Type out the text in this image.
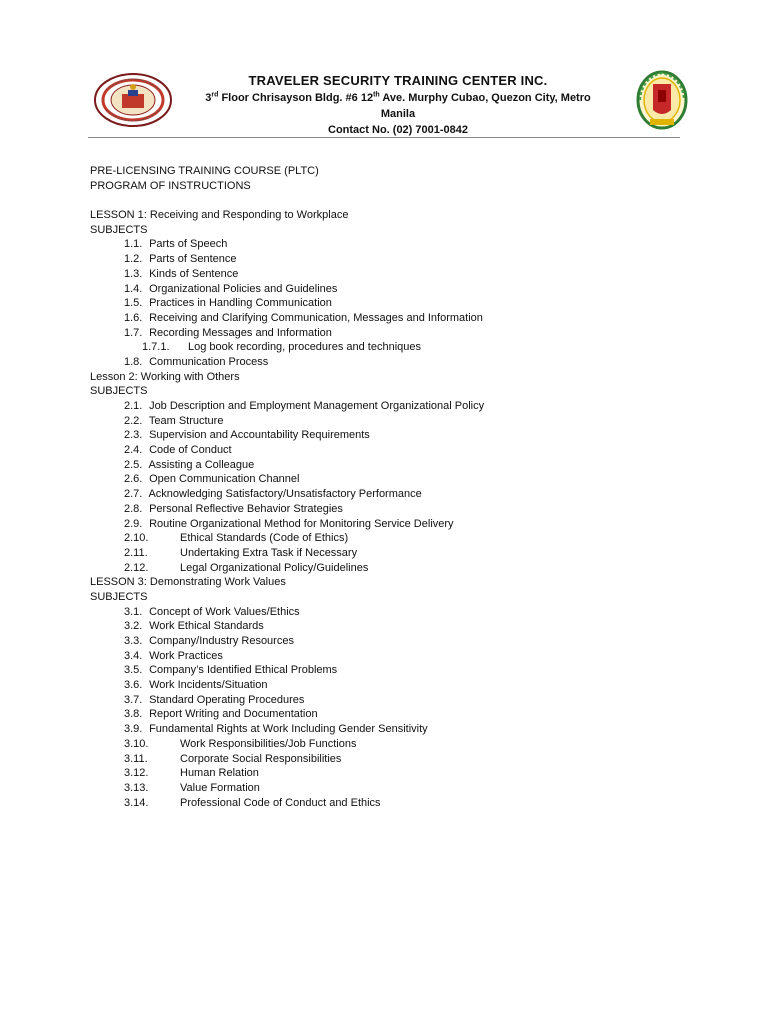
TRAVELER SECURITY TRAINING CENTER INC.
3rd Floor Chrisayson Bldg. #6 12th Ave. Murphy Cubao, Quezon City, Metro
Manila
Contact No. (02) 7001-0842
PRE-LICENSING TRAINING COURSE (PLTC)
PROGRAM OF INSTRUCTIONS
LESSON 1: Receiving and Responding to Workplace
SUBJECTS
1.1. Parts of Speech
1.2. Parts of Sentence
1.3. Kinds of Sentence
1.4. Organizational Policies and Guidelines
1.5. Practices in Handling Communication
1.6. Receiving and Clarifying Communication, Messages and Information
1.7. Recording Messages and Information
1.7.1. Log book recording, procedures and techniques
1.8. Communication Process
Lesson 2: Working with Others
SUBJECTS
2.1. Job Description and Employment Management Organizational Policy
2.2. Team Structure
2.3. Supervision and Accountability Requirements
2.4. Code of Conduct
2.5. Assisting a Colleague
2.6. Open Communication Channel
2.7. Acknowledging Satisfactory/Unsatisfactory Performance
2.8. Personal Reflective Behavior Strategies
2.9. Routine Organizational Method for Monitoring Service Delivery
2.10.	Ethical Standards (Code of Ethics)
2.11.	Undertaking Extra Task if Necessary
2.12.	Legal Organizational Policy/Guidelines
LESSON 3: Demonstrating Work Values
SUBJECTS
3.1. Concept of Work Values/Ethics
3.2. Work Ethical Standards
3.3. Company/Industry Resources
3.4. Work Practices
3.5. Company’s Identified Ethical Problems
3.6. Work Incidents/Situation
3.7. Standard Operating Procedures
3.8. Report Writing and Documentation
3.9. Fundamental Rights at Work Including Gender Sensitivity
3.10.	Work Responsibilities/Job Functions
3.11.	Corporate Social Responsibilities
3.12.	Human Relation
3.13.	Value Formation
3.14.	Professional Code of Conduct and Ethics
